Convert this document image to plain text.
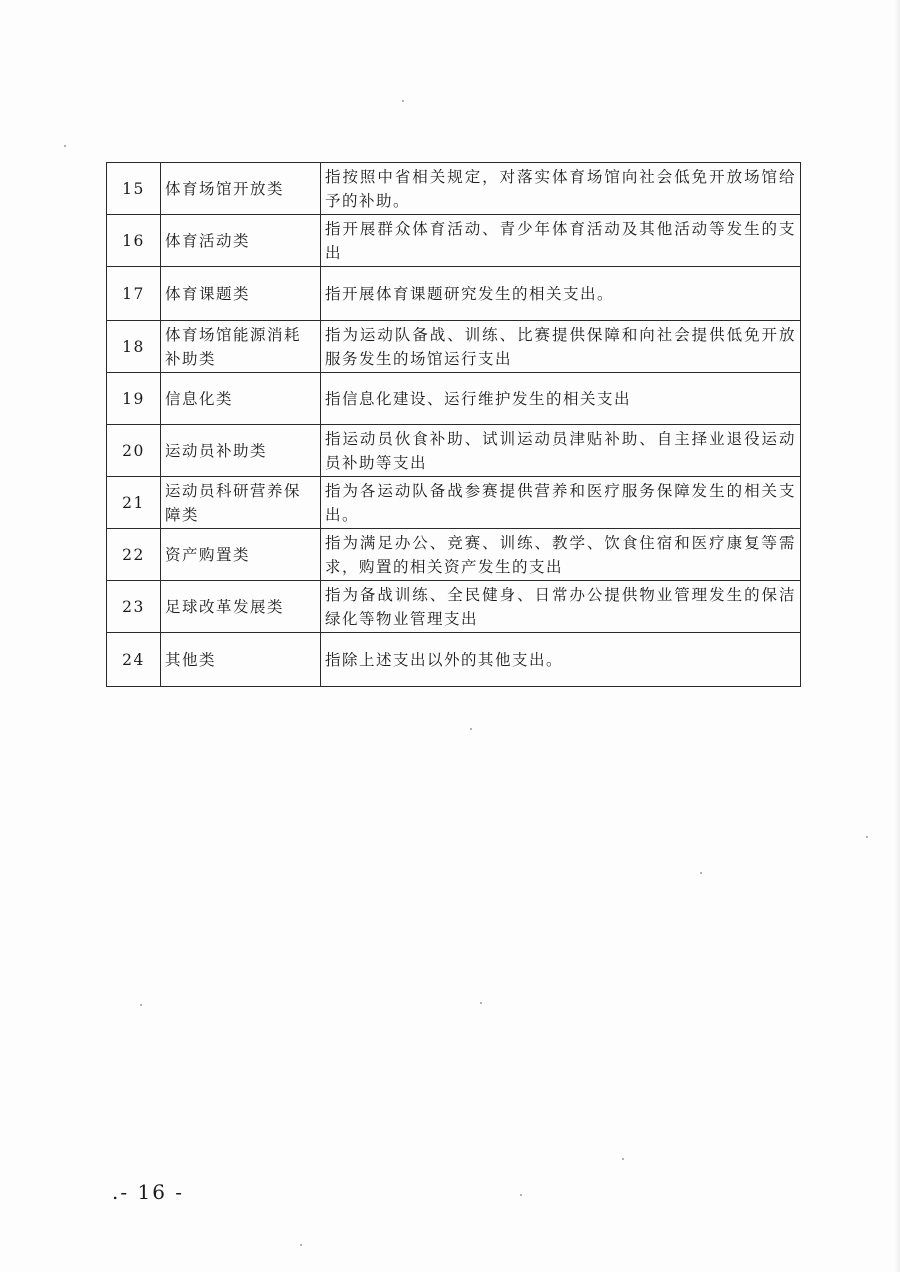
15	体育场馆开放类	指按照中省相关规定，对落实体育场馆向社会低免开放场馆给予的补助。
16	体育活动类	指开展群众体育活动、青少年体育活动及其他活动等发生的支出
17	体育课题类	指开展体育课题研究发生的相关支出。
18	体育场馆能源消耗补助类	指为运动队备战、训练、比赛提供保障和向社会提供低免开放服务发生的场馆运行支出
19	信息化类	指信息化建设、运行维护发生的相关支出
20	运动员补助类	指运动员伙食补助、试训运动员津贴补助、自主择业退役运动员补助等支出
21	运动员科研营养保障类	指为各运动队备战参赛提供营养和医疗服务保障发生的相关支出。
22	资产购置类	指为满足办公、竞赛、训练、教学、饮食住宿和医疗康复等需求，购置的相关资产发生的支出
23	足球改革发展类	指为备战训练、全民健身、日常办公提供物业管理发生的保洁绿化等物业管理支出
24	其他类	指除上述支出以外的其他支出。
.- 16 -
